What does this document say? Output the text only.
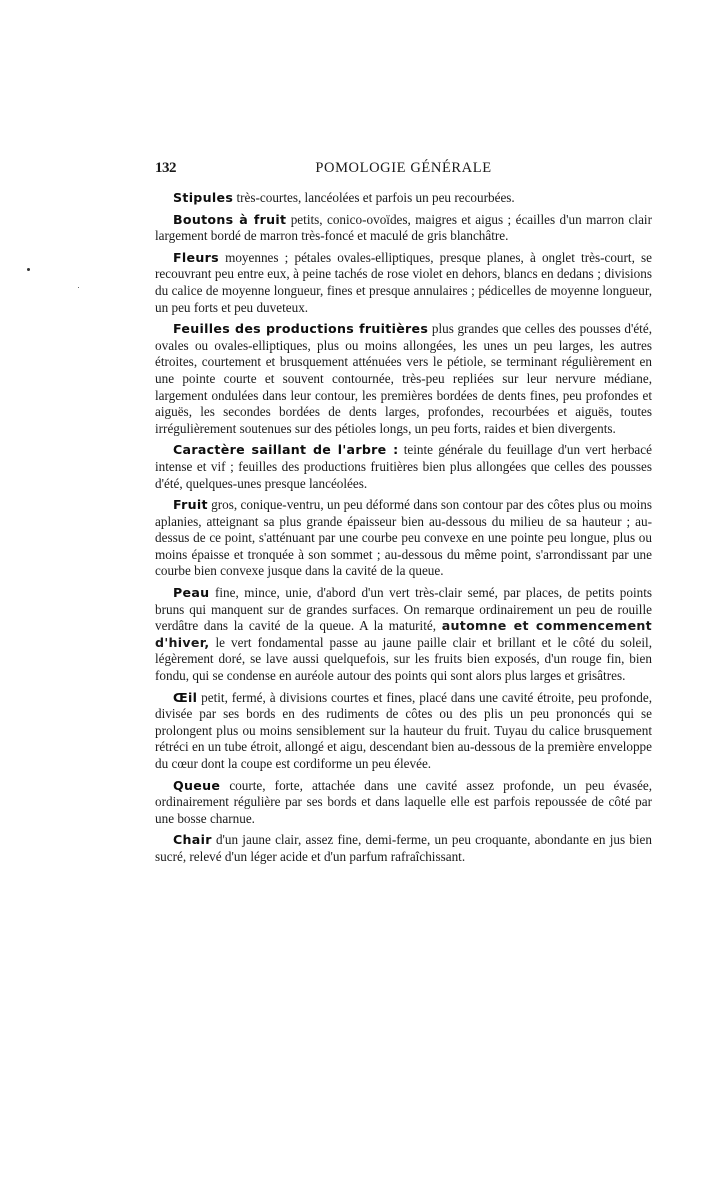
132	POMOLOGIE GÉNÉRALE

Stipules très-courtes, lancéolées et parfois un peu recourbées.

Boutons à fruit petits, conico-ovoïdes, maigres et aigus ; écailles d'un marron clair largement bordé de marron très-foncé et maculé de gris blanchâtre.

Fleurs moyennes ; pétales ovales-elliptiques, presque planes, à onglet très-court, se recouvrant peu entre eux, à peine tachés de rose violet en dehors, blancs en dedans ; divisions du calice de moyenne longueur, fines et presque annulaires ; pédicelles de moyenne longueur, un peu forts et peu duveteux.

Feuilles des productions fruitières plus grandes que celles des pousses d'été, ovales ou ovales-elliptiques, plus ou moins allongées, les unes un peu larges, les autres étroites, courtement et brusquement atténuées vers le pétiole, se terminant régulièrement en une pointe courte et souvent contournée, très-peu repliées sur leur nervure médiane, largement ondulées dans leur contour, les premières bordées de dents fines, peu profondes et aiguës, les secondes bordées de dents larges, profondes, recourbées et aiguës, toutes irrégulièrement soutenues sur des pétioles longs, un peu forts, raides et bien divergents.

Caractère saillant de l'arbre : teinte générale du feuillage d'un vert herbacé intense et vif ; feuilles des productions fruitières bien plus allongées que celles des pousses d'été, quelques-unes presque lancéolées.

Fruit gros, conique-ventru, un peu déformé dans son contour par des côtes plus ou moins aplanies, atteignant sa plus grande épaisseur bien au-dessous du milieu de sa hauteur ; au-dessus de ce point, s'atténuant par une courbe peu convexe en une pointe peu longue, plus ou moins épaisse et tronquée à son sommet ; au-dessous du même point, s'arrondissant par une courbe bien convexe jusque dans la cavité de la queue.

Peau fine, mince, unie, d'abord d'un vert très-clair semé, par places, de petits points bruns qui manquent sur de grandes surfaces. On remarque ordinairement un peu de rouille verdâtre dans la cavité de la queue. A la maturité, automne et commencement d'hiver, le vert fondamental passe au jaune paille clair et brillant et le côté du soleil, légèrement doré, se lave aussi quelquefois, sur les fruits bien exposés, d'un rouge fin, bien fondu, qui se condense en auréole autour des points qui sont alors plus larges et grisâtres.

Œil petit, fermé, à divisions courtes et fines, placé dans une cavité étroite, peu profonde, divisée par ses bords en des rudiments de côtes ou des plis un peu prononcés qui se prolongent plus ou moins sensiblement sur la hauteur du fruit. Tuyau du calice brusquement rétréci en un tube étroit, allongé et aigu, descendant bien au-dessous de la première enveloppe du cœur dont la coupe est cordiforme un peu élevée.

Queue courte, forte, attachée dans une cavité assez profonde, un peu évasée, ordinairement régulière par ses bords et dans laquelle elle est parfois repoussée de côté par une bosse charnue.

Chair d'un jaune clair, assez fine, demi-ferme, un peu croquante, abondante en jus bien sucré, relevé d'un léger acide et d'un parfum rafraîchissant.
